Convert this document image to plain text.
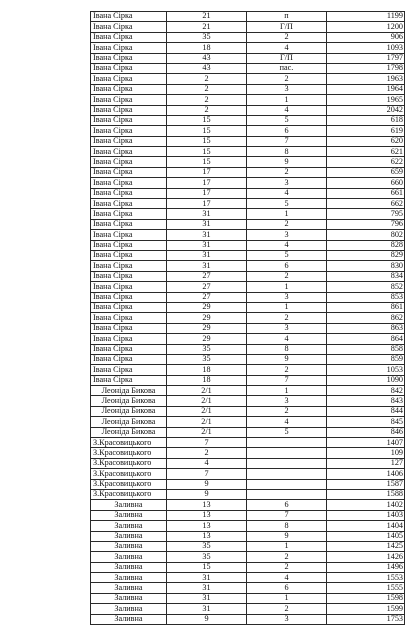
Івана Сірка	21	п	1199
Івана Сірка	21	Г/П	1200
Івана Сірка	35	2	906
Івана Сірка	18	4	1093
Івана Сірка	43	Г/П	1797
Івана Сірка	43	пас.	1798
Івана Сірка	2	2	1963
Івана Сірка	2	3	1964
Івана Сірка	2	1	1965
Івана Сірка	2	4	2042
Івана Сірка	15	5	618
Івана Сірка	15	6	619
Івана Сірка	15	7	620
Івана Сірка	15	8	621
Івана Сірка	15	9	622
Івана Сірка	17	2	659
Івана Сірка	17	3	660
Івана Сірка	17	4	661
Івана Сірка	17	5	662
Івана Сірка	31	1	795
Івана Сірка	31	2	796
Івана Сірка	31	3	802
Івана Сірка	31	4	828
Івана Сірка	31	5	829
Івана Сірка	31	6	830
Івана Сірка	27	2	834
Івана Сірка	27	1	852
Івана Сірка	27	3	853
Івана Сірка	29	1	861
Івана Сірка	29	2	862
Івана Сірка	29	3	863
Івана Сірка	29	4	864
Івана Сірка	35	8	858
Івана Сірка	35	9	859
Івана Сірка	18	2	1053
Івана Сірка	18	7	1090
Леоніда Бикова	2/1	1	842
Леоніда Бикова	2/1	3	843
Леоніда Бикова	2/1	2	844
Леоніда Бикова	2/1	4	845
Леоніда Бикова	2/1	5	846
З.Красовицького	7		1407
З.Красовицького	2		109
З.Красовицького	4		127
З.Красовицького	7		1406
З.Красовицького	9		1587
З.Красовицького	9		1588
Заливна	13	6	1402
Заливна	13	7	1403
Заливна	13	8	1404
Заливна	13	9	1405
Заливна	35	1	1425
Заливна	35	2	1426
Заливна	15	2	1496
Заливна	31	4	1553
Заливна	31	6	1555
Заливна	31	1	1598
Заливна	31	2	1599
Заливна	9	3	1753
